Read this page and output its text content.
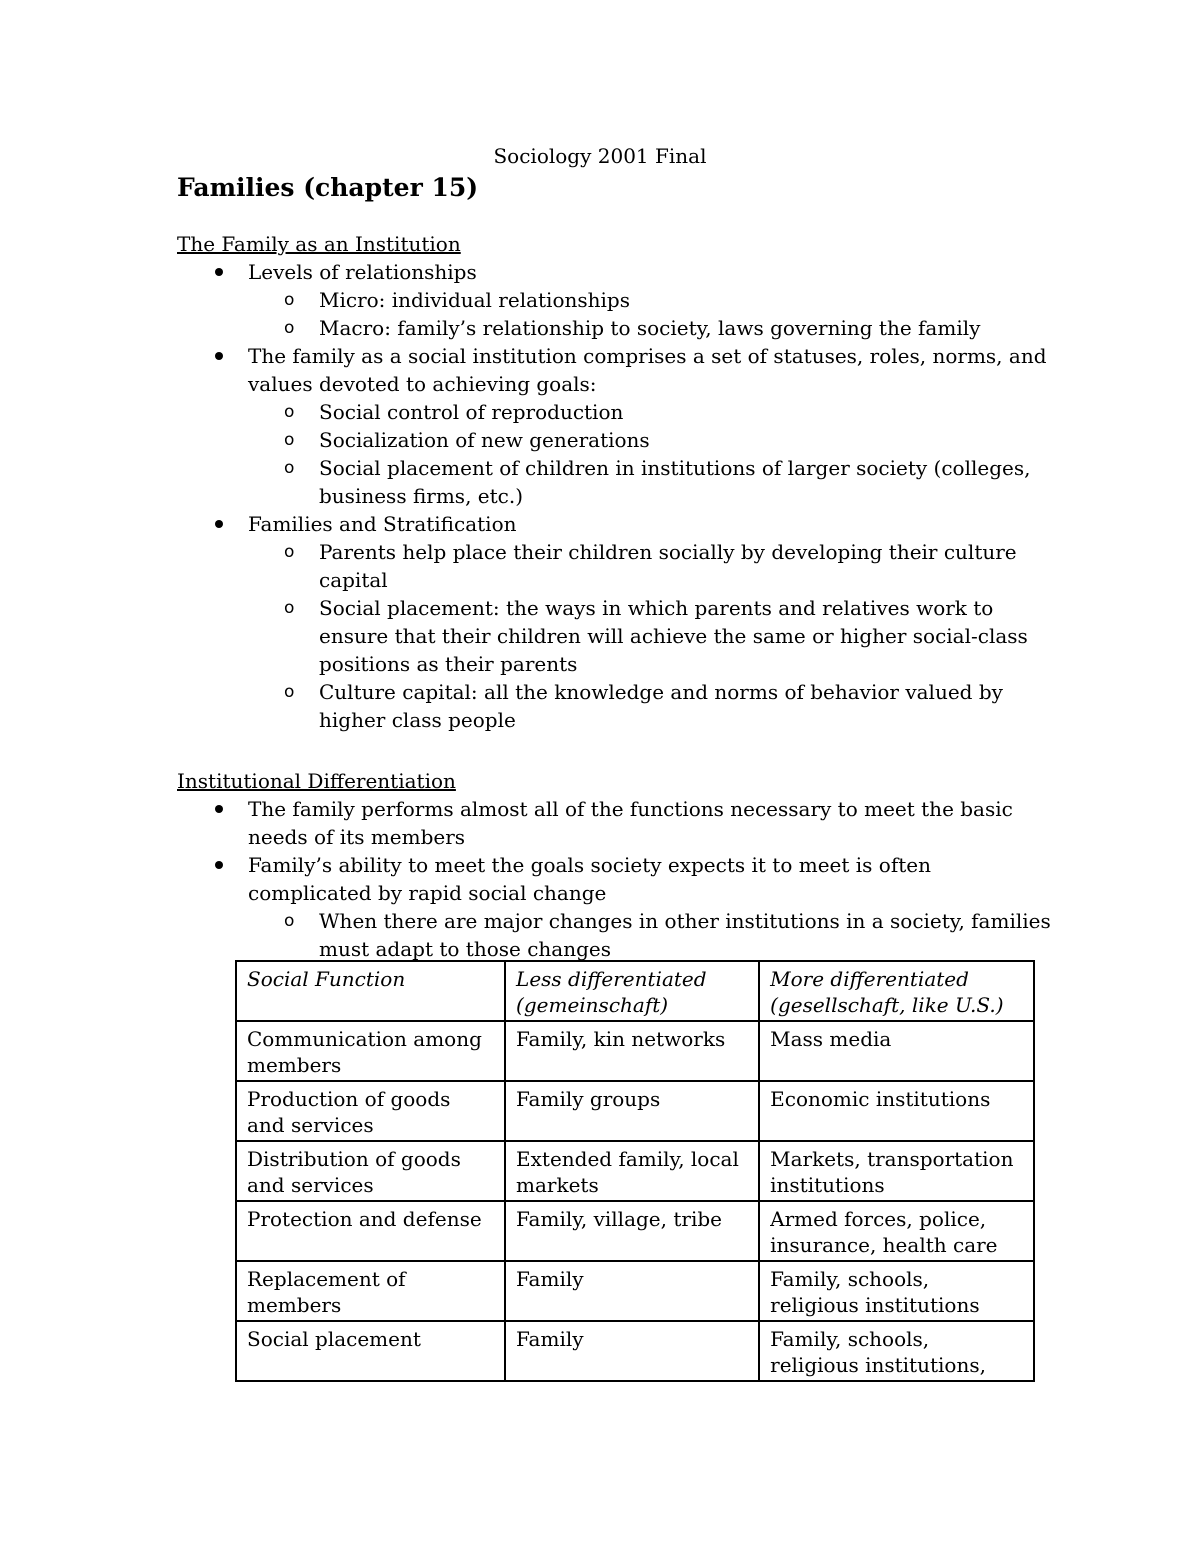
Sociology 2001 Final
Families (chapter 15)

The Family as an Institution

Levels of relationships
o Micro: individual relationships
o Macro: family’s relationship to society, laws governing the family
The family as a social institution comprises a set of statuses, roles, norms, and values devoted to achieving goals:
o Social control of reproduction
o Socialization of new generations
o Social placement of children in institutions of larger society (colleges, business firms, etc.)
Families and Stratification
o Parents help place their children socially by developing their culture capital
o Social placement: the ways in which parents and relatives work to ensure that their children will achieve the same or higher social-class positions as their parents
o Culture capital: all the knowledge and norms of behavior valued by higher class people

Institutional Differentiation

The family performs almost all of the functions necessary to meet the basic needs of its members
Family’s ability to meet the goals society expects it to meet is often complicated by rapid social change
o When there are major changes in other institutions in a society, families must adapt to those changes
Social Function	Less differentiated (gemeinschaft)	More differentiated (gesellschaft, like U.S.)
Communication among members	Family, kin networks	Mass media
Production of goods and services	Family groups	Economic institutions
Distribution of goods and services	Extended family, local markets	Markets, transportation institutions
Protection and defense	Family, village, tribe	Armed forces, police, insurance, health care
Replacement of members	Family	Family, schools, religious institutions
Social placement	Family	Family, schools, religious institutions,
